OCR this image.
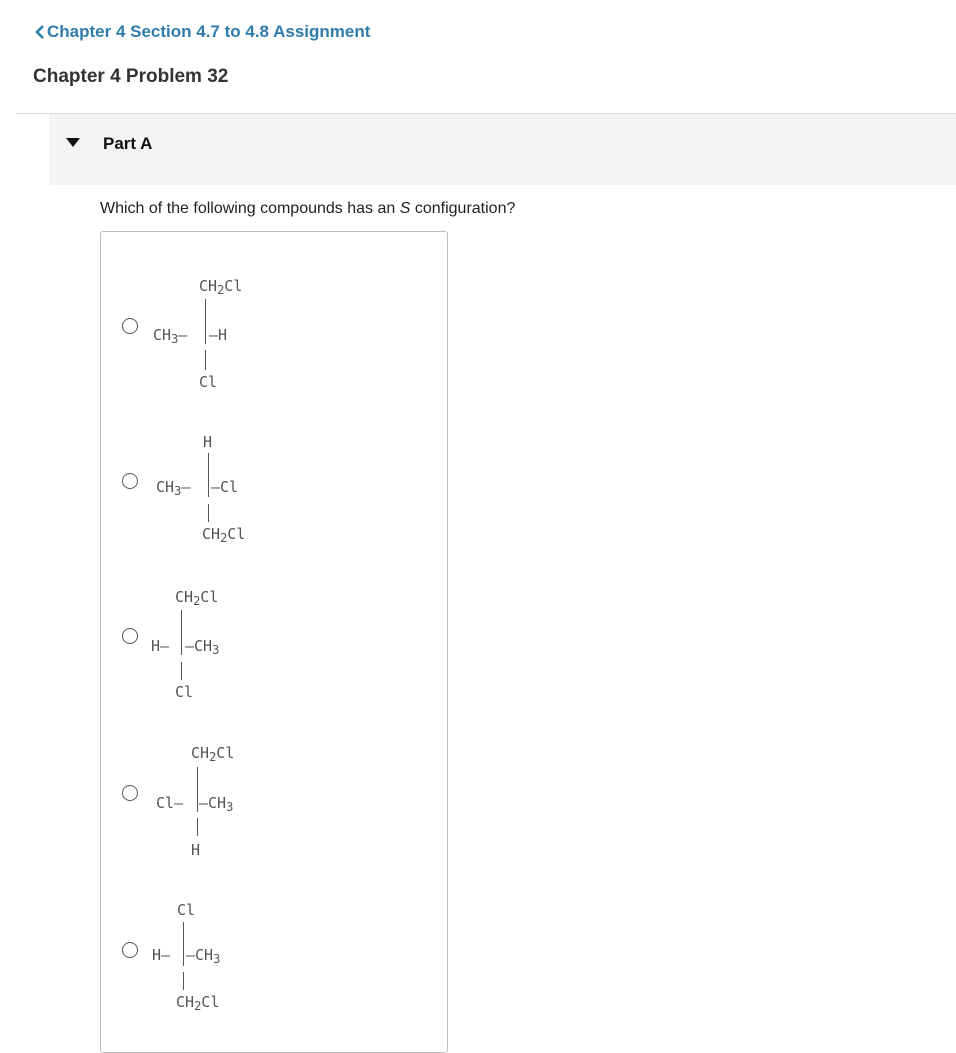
Chapter 4 Section 4.7 to 4.8 Assignment
Chapter 4 Problem 32
Part A
Which of the following compounds has an S configuration?
$CH_2Cl$
$CH_3—$ —H
Cl
H
$CH_3—$ —Cl
$CH_2Cl$
$CH_2Cl$
H— $—CH_3$
Cl
$CH_2Cl$
Cl— $—CH_3$
H
Cl
H— $—CH_3$
$CH_2Cl$
